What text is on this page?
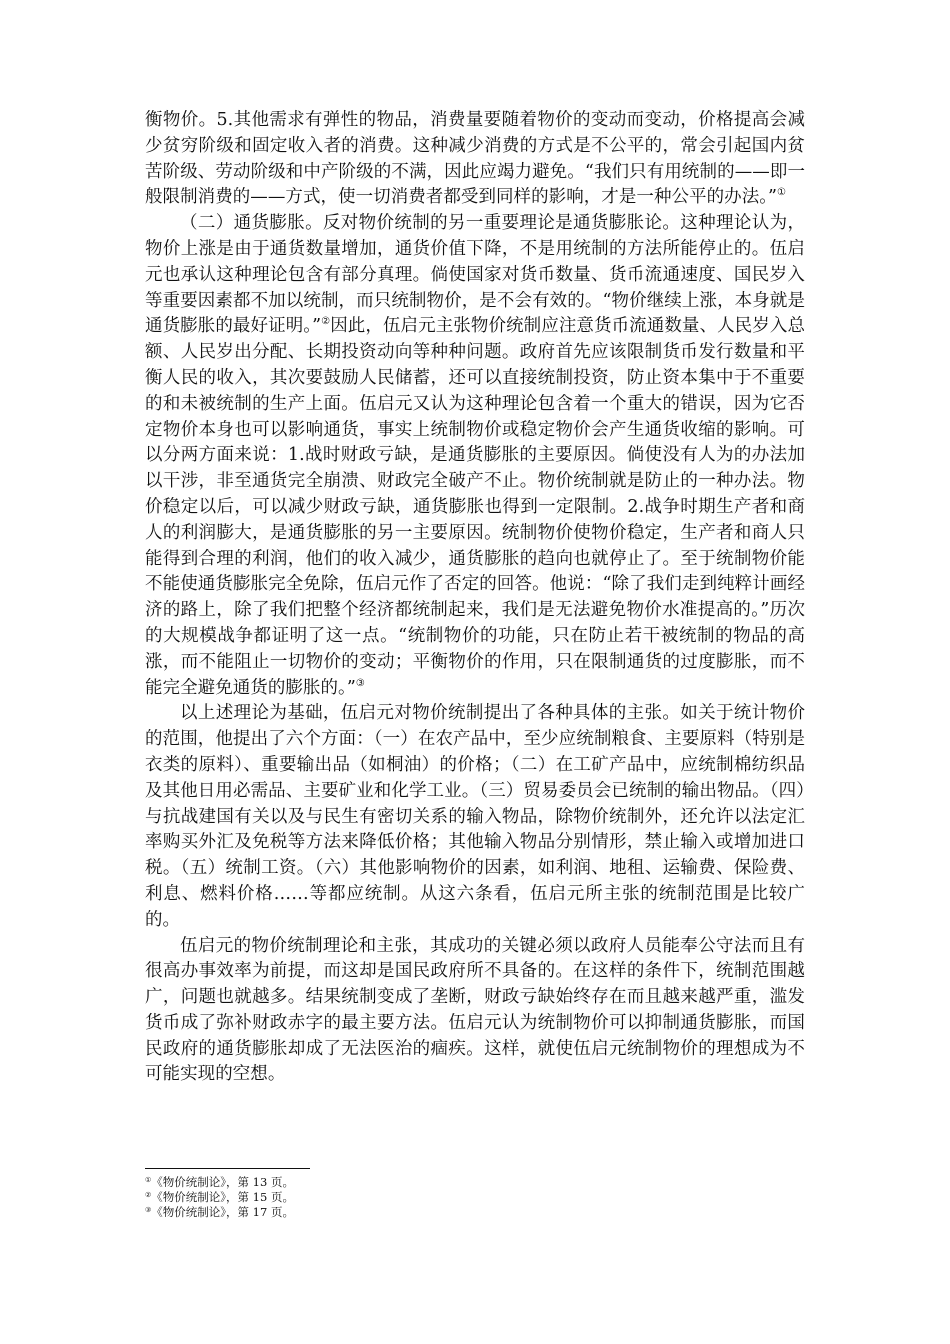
衡物价。5.其他需求有弹性的物品，消费量要随着物价的变动而变动，价格提高会减少贫穷阶级和固定收入者的消费。这种减少消费的方式是不公平的，常会引起国内贫苦阶级、劳动阶级和中产阶级的不满，因此应竭力避免。“我们只有用统制的——即一般限制消费的——方式，使一切消费者都受到同样的影响，才是一种公平的办法。”①

（二）通货膨胀。反对物价统制的另一重要理论是通货膨胀论。这种理论认为，物价上涨是由于通货数量增加，通货价值下降，不是用统制的方法所能停止的。伍启元也承认这种理论包含有部分真理。倘使国家对货币数量、货币流通速度、国民岁入等重要因素都不加以统制，而只统制物价，是不会有效的。“物价继续上涨，本身就是通货膨胀的最好证明。”②因此，伍启元主张物价统制应注意货币流通数量、人民岁入总额、人民岁出分配、长期投资动向等种种问题。政府首先应该限制货币发行数量和平衡人民的收入，其次要鼓励人民储蓄，还可以直接统制投资，防止资本集中于不重要的和未被统制的生产上面。伍启元又认为这种理论包含着一个重大的错误，因为它否定物价本身也可以影响通货，事实上统制物价或稳定物价会产生通货收缩的影响。可以分两方面来说：1.战时财政亏缺，是通货膨胀的主要原因。倘使没有人为的办法加以干涉，非至通货完全崩溃、财政完全破产不止。物价统制就是防止的一种办法。物价稳定以后，可以减少财政亏缺，通货膨胀也得到一定限制。2.战争时期生产者和商人的利润膨大，是通货膨胀的另一主要原因。统制物价使物价稳定，生产者和商人只能得到合理的利润，他们的收入减少，通货膨胀的趋向也就停止了。至于统制物价能不能使通货膨胀完全免除，伍启元作了否定的回答。他说：“除了我们走到纯粹计画经济的路上，除了我们把整个经济都统制起来，我们是无法避免物价水准提高的。”历次的大规模战争都证明了这一点。“统制物价的功能，只在防止若干被统制的物品的高涨，而不能阻止一切物价的变动；平衡物价的作用，只在限制通货的过度膨胀，而不能完全避免通货的膨胀的。”③

以上述理论为基础，伍启元对物价统制提出了各种具体的主张。如关于统计物价的范围，他提出了六个方面：（一）在农产品中，至少应统制粮食、主要原料（特别是衣类的原料）、重要输出品（如桐油）的价格；（二）在工矿产品中，应统制棉纺织品及其他日用必需品、主要矿业和化学工业。（三）贸易委员会已统制的输出物品。（四）与抗战建国有关以及与民生有密切关系的输入物品，除物价统制外，还允许以法定汇率购买外汇及免税等方法来降低价格；其他输入物品分别情形，禁止输入或增加进口税。（五）统制工资。（六）其他影响物价的因素，如利润、地租、运输费、保险费、利息、燃料价格……等都应统制。从这六条看，伍启元所主张的统制范围是比较广的。

伍启元的物价统制理论和主张，其成功的关键必须以政府人员能奉公守法而且有很高办事效率为前提，而这却是国民政府所不具备的。在这样的条件下，统制范围越广，问题也就越多。结果统制变成了垄断，财政亏缺始终存在而且越来越严重，滥发货币成了弥补财政赤字的最主要方法。伍启元认为统制物价可以抑制通货膨胀，而国民政府的通货膨胀却成了无法医治的痼疾。这样，就使伍启元统制物价的理想成为不可能实现的空想。

①《物价统制论》，第 13 页。
②《物价统制论》，第 15 页。
③《物价统制论》，第 17 页。
